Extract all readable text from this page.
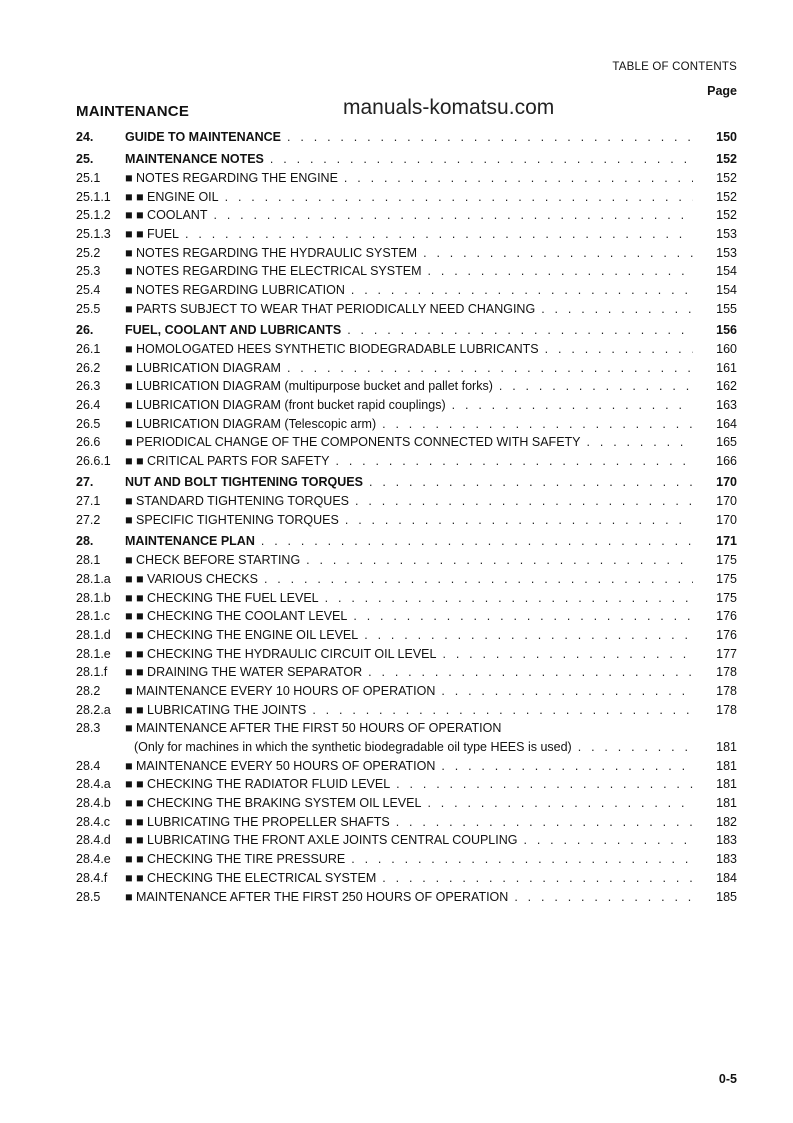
TABLE OF CONTENTS
Page
MAINTENANCE	manuals-komatsu.com
24.	GUIDE TO MAINTENANCE . . .	150
25.	MAINTENANCE NOTES . . .	152
25.1	■ NOTES REGARDING THE ENGINE . . .	152
25.1.1	■ ■ ENGINE OIL . . .	152
25.1.2	■ ■ COOLANT . . .	152
25.1.3	■ ■ FUEL . . .	153
25.2	■ NOTES REGARDING THE HYDRAULIC SYSTEM . . .	153
25.3	■ NOTES REGARDING THE ELECTRICAL SYSTEM . . .	154
25.4	■ NOTES REGARDING LUBRICATION . . .	154
25.5	■ PARTS SUBJECT TO WEAR THAT PERIODICALLY NEED CHANGING . . .	155
26.	FUEL, COOLANT AND LUBRICANTS . . .	156
26.1	■ HOMOLOGATED HEES SYNTHETIC BIODEGRADABLE LUBRICANTS . . .	160
26.2	■ LUBRICATION DIAGRAM . . .	161
26.3	■ LUBRICATION DIAGRAM (multipurpose bucket and pallet forks) . . .	162
26.4	■ LUBRICATION DIAGRAM (front bucket rapid couplings) . . .	163
26.5	■ LUBRICATION DIAGRAM (Telescopic arm) . . .	164
26.6	■ PERIODICAL CHANGE OF THE COMPONENTS CONNECTED WITH SAFETY . . .	165
26.6.1	■ ■ CRITICAL PARTS FOR SAFETY . . .	166
27.	NUT AND BOLT TIGHTENING TORQUES . . .	170
27.1	■ STANDARD TIGHTENING TORQUES . . .	170
27.2	■ SPECIFIC TIGHTENING TORQUES . . .	170
28.	MAINTENANCE PLAN . . .	171
28.1	■ CHECK BEFORE STARTING . . .	175
28.1.a	■ ■ VARIOUS CHECKS . . .	175
28.1.b	■ ■ CHECKING THE FUEL LEVEL . . .	175
28.1.c	■ ■ CHECKING THE COOLANT LEVEL . . .	176
28.1.d	■ ■ CHECKING THE ENGINE OIL LEVEL . . .	176
28.1.e	■ ■ CHECKING THE HYDRAULIC CIRCUIT OIL LEVEL . . .	177
28.1.f	■ ■ DRAINING THE WATER SEPARATOR . . .	178
28.2	■ MAINTENANCE EVERY 10 HOURS OF OPERATION . . .	178
28.2.a	■ ■ LUBRICATING THE JOINTS . . .	178
28.3	■ MAINTENANCE AFTER THE FIRST 50 HOURS OF OPERATION
(Only for machines in which the synthetic biodegradable oil type HEES is used) . . .	181
28.4	■ MAINTENANCE EVERY 50 HOURS OF OPERATION . . .	181
28.4.a	■ ■ CHECKING THE RADIATOR FLUID LEVEL . . .	181
28.4.b	■ ■ CHECKING THE BRAKING SYSTEM OIL LEVEL . . .	181
28.4.c	■ ■ LUBRICATING THE PROPELLER SHAFTS . . .	182
28.4.d	■ ■ LUBRICATING THE FRONT AXLE JOINTS CENTRAL COUPLING . . .	183
28.4.e	■ ■ CHECKING THE TIRE PRESSURE . . .	183
28.4.f	■ ■ CHECKING THE ELECTRICAL SYSTEM . . .	184
28.5	■ MAINTENANCE AFTER THE FIRST 250 HOURS OF OPERATION . . .	185
0-5
